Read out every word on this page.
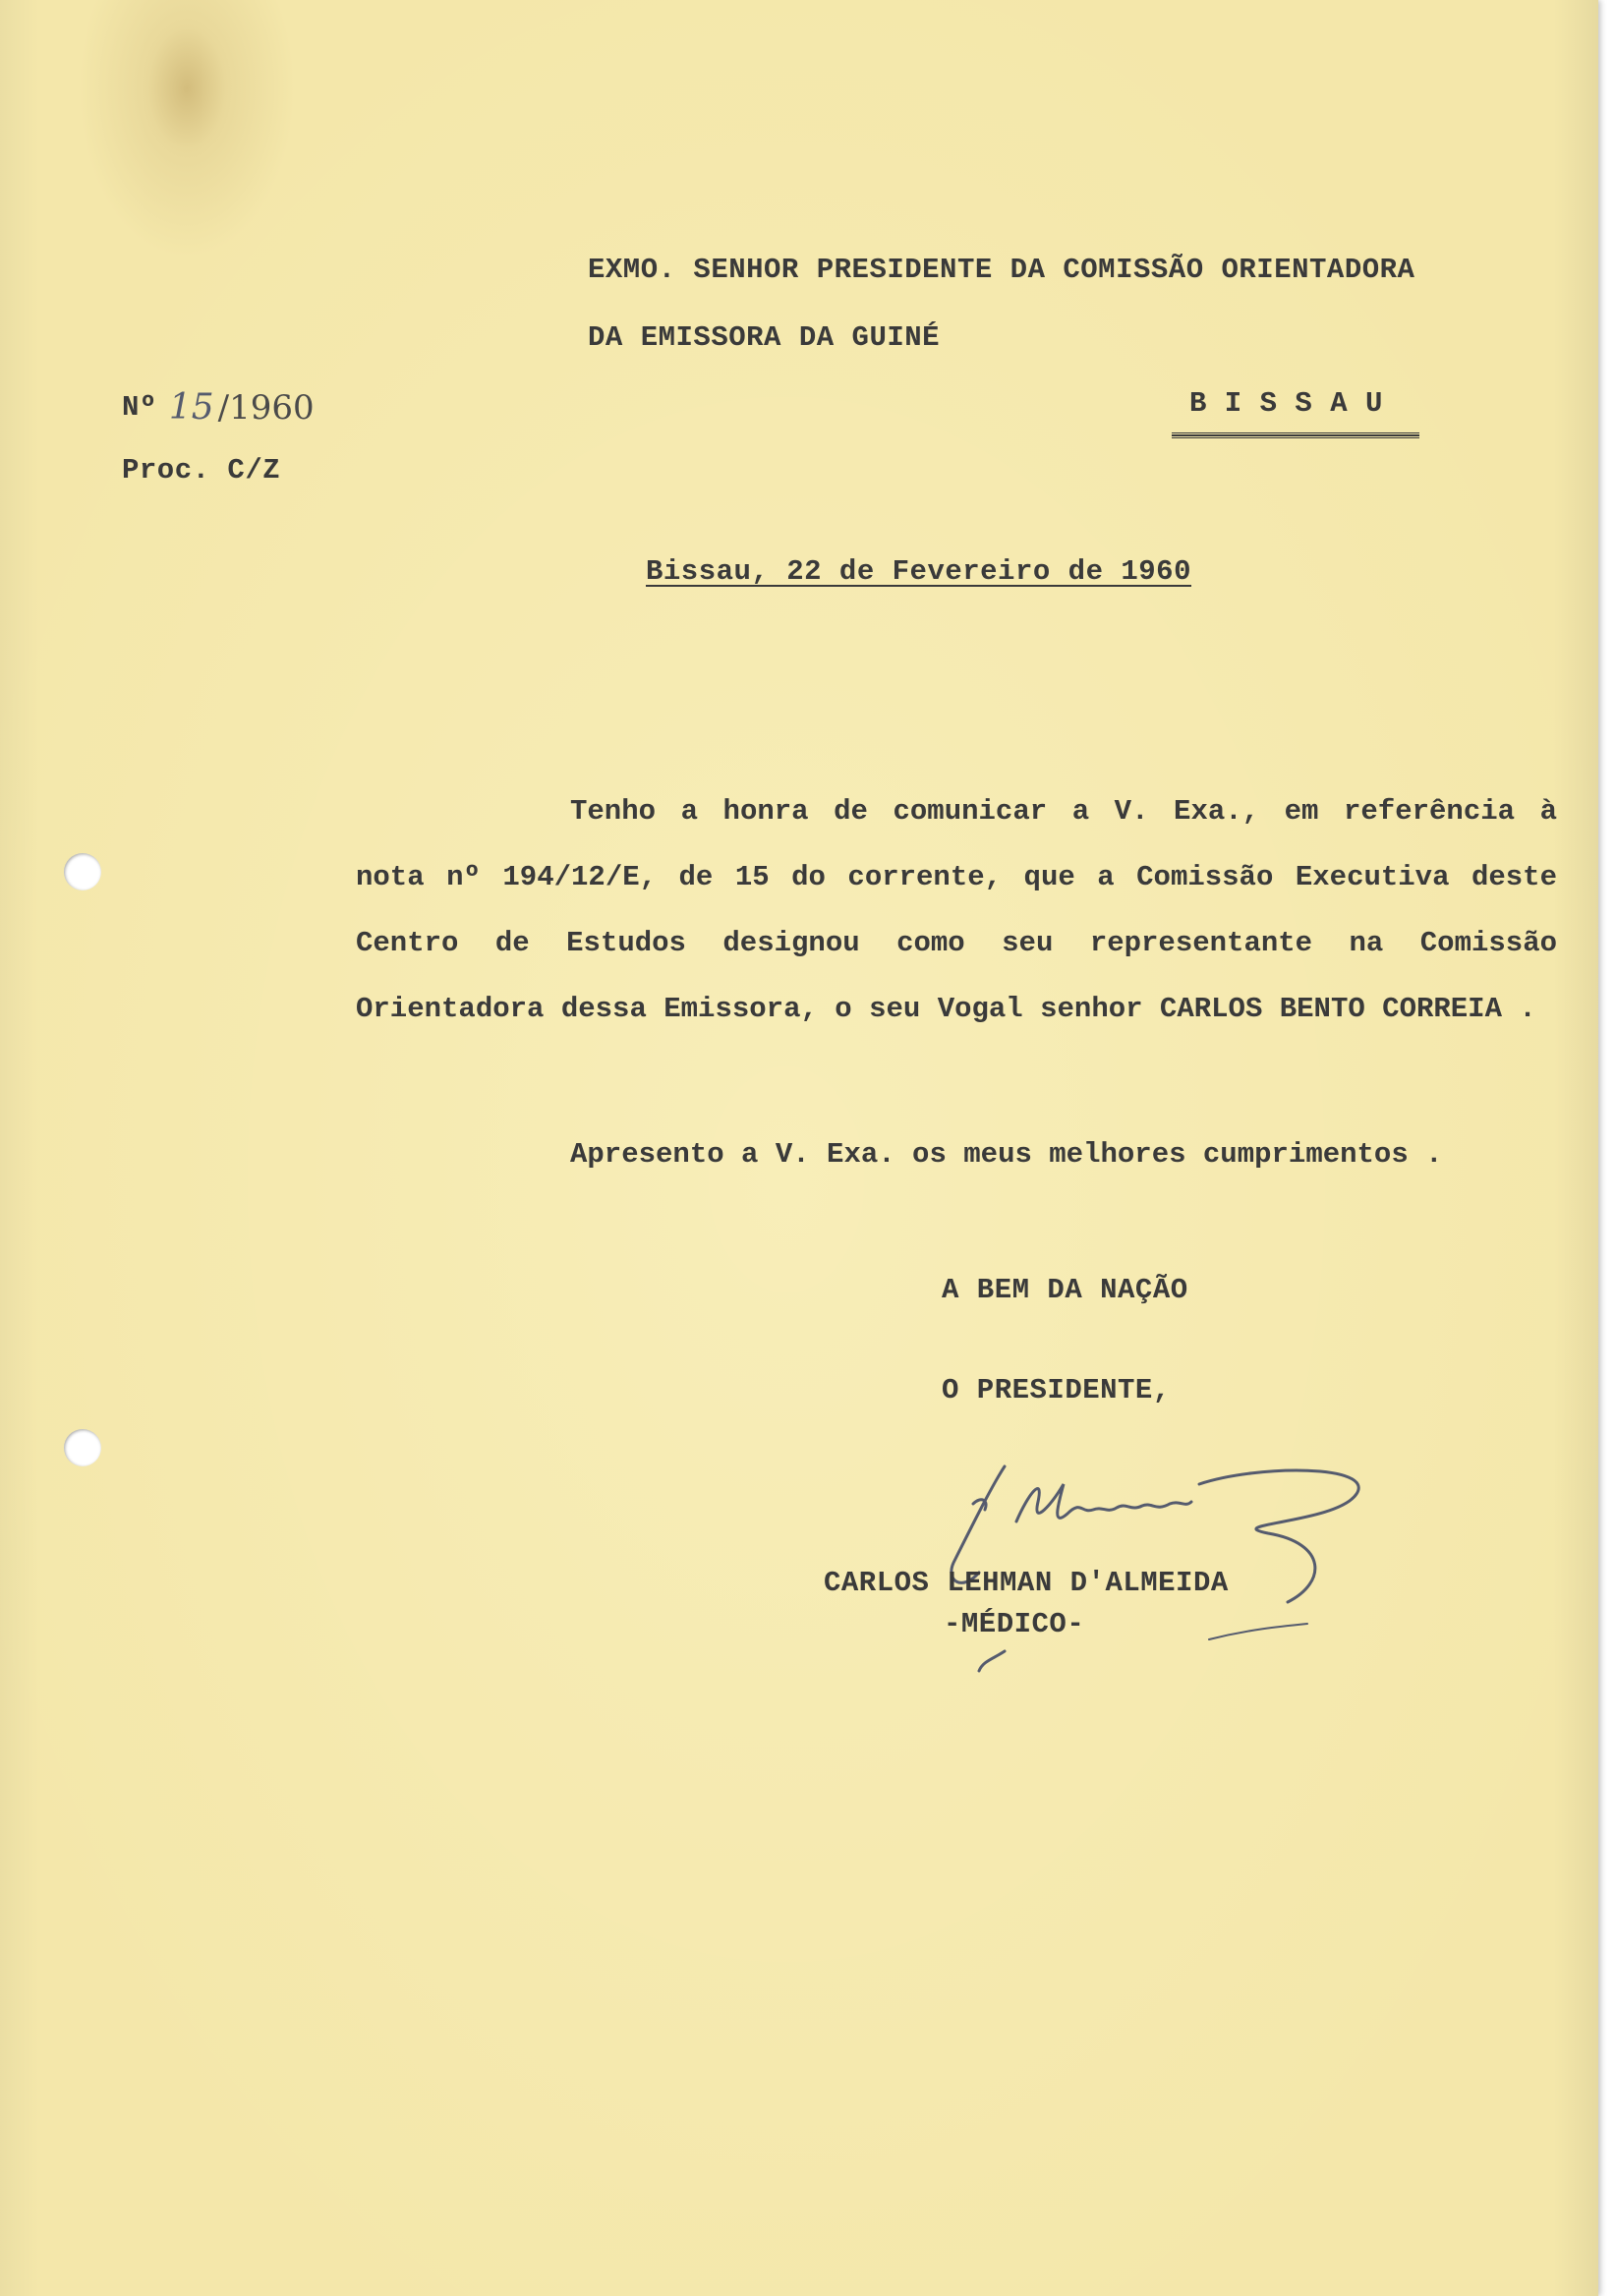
EXMO. SENHOR PRESIDENTE DA COMISSÃO ORIENTADORA
DA EMISSORA DA GUINÉ
B I S S A U
Nº 15 /1960
Proc. C/Z
Bissau, 22 de Fevereiro de 1960
Tenho a honra de comunicar a V. Exa., em referência à nota nº 194/12/E, de 15 do corrente, que a Comissão Executiva deste Centro de Estudos designou como seu representante na Comissão Orientadora dessa Emissora, o seu Vogal senhor CARLOS BENTO CORREIA .
Apresento a V. Exa. os meus melhores cumprimentos .
A BEM DA NAÇÃO
O PRESIDENTE,
CARLOS LEHMAN D'ALMEIDA
-MÉDICO-
